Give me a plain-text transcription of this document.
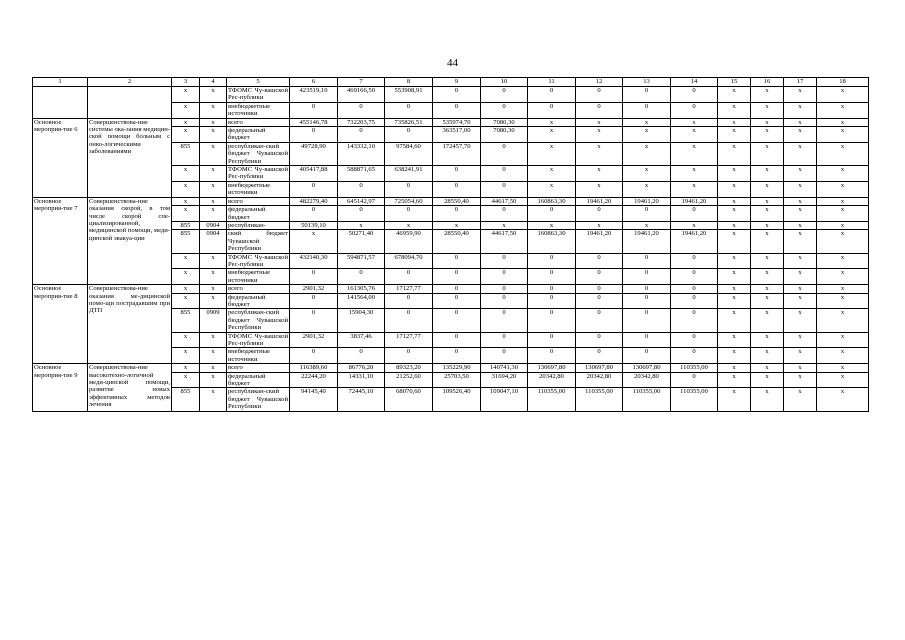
44
1	2	3	4	5	6	7	8	9	10	11	12	13	14	15	16	17	18
		x	x	ТФОМС Чу-вашской Рес-публики	423519,10	469166,50	553908,91	0	0	0	0	0	0	x	x	x	x
		x	x	внебюджетные источники	0	0	0	0	0	0	0	0	0	x	x	x	x
Основное мероприя-тие 6	Совершенствова-ние системы ока-зания медицин-ской помощи больным с онко-логическими заболеваниями	x	x	всего	455146,78	732203,75	735826,51	535974,70	7080,30	x	x	x	x	x	x	x	x
		x	x	федеральный бюджет	0	0	0	363517,00	7080,30	x	x	x	x	x	x	x	x
		855	x	республикан-ский бюджет Чувашской Республики	49728,90	143332,10	97584,60	172457,70	0	x	x	x	x	x	x	x	x
		x	x	ТФОМС Чу-вашской Рес-публики	405417,88	588871,65	638241,91	0	0	x	x	x	x	x	x	x	x
		x	x	внебюджетные источники	0	0	0	0	0	x	x	x	x	x	x	x	x
Основное мероприя-тие 7	Совершенствова-ние оказания скорой, в том числе скорой спе-циализированной, медицинской помощи, меди-цинской эвакуа-ции	x	x	всего	482279,40	645142,97	725054,60	28550,40	44617,50	160863,30	19461,20	19461,20	19461,20	x	x	x	x
		x	x	федеральный бюджет	0	0	0	0	0	0	0	0	0	x	x	x	x
		855	0904	республикан-	50139,10	x	x	x	x	x	x	x	x	x	x	x	x
		855	0904	ский бюджет Чувашской Республики	x	50271,40	46959,90	28550,40	44617,50	160863,30	19461,20	19461,20	19461,20	x	x	x	x
		x	x	ТФОМС Чу-вашской Рес-публики	432140,30	594871,57	678094,70	0	0	0	0	0	0	x	x	x	x
		x	x	внебюджетные источники	0	0	0	0	0	0	0	0	0	x	x	x	x
Основное мероприя-тие 8	Совершенствова-ние оказания ме-дицинской помо-щи пострадавшим при ДТП	x	x	всего	2901,32	161305,76	17127,77	0	0	0	0	0	0	x	x	x	x
		x	x	федеральный бюджет	0	141564,00	0	0	0	0	0	0	0	x	x	x	x
		855	0909	республикан-ский бюджет Чувашской Республики	0	15904,30	0	0	0	0	0	0	0	x	x	x	x
		x	x	ТФОМС Чу-вашской Рес-публики	2901,32	3837,46	17127,77	0	0	0	0	0	0	x	x	x	x
		x	x	внебюджетные источники	0	0	0	0	0	0	0	0	0	x	x	x	x
Основное мероприя-тие 9	Совершенствова-ние высокотехно-логичной меди-цинской помощи, развитие новых эффективных методов лечения	x	x	всего	116389,60	86776,20	89323,20	135229,90	140741,30	130697,80	130697,80	130697,80	110355,00	x	x	x	x
		x	x	федеральный бюджет	22244,20	14331,10	21252,60	25703,50	31694,20	20342,80	20342,80	20342,80	0	x	x	x	x
		855	x	республикан-ский бюджет Чувашской Республики	94145,40	72445,10	68070,60	109526,40	109047,10	110355,00	110355,00	110355,00	110355,00	x	x	x	x
